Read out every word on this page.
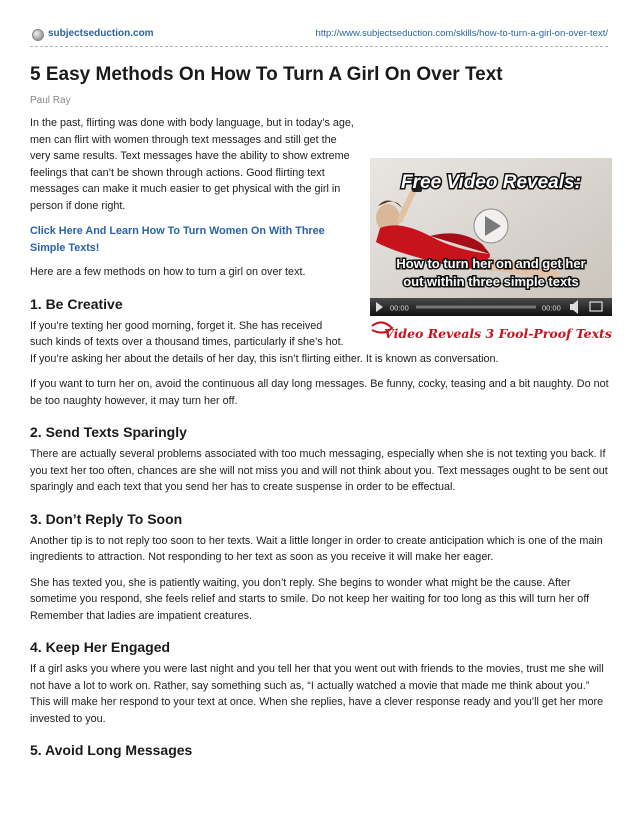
subjectseduction.com	http://www.subjectseduction.com/skills/how-to-turn-a-girl-on-over-text/
Free Video Reveals:
How to turn her on and get her
out within three simple texts
00:00	00:00
Video Reveals 3 Fool-Proof Texts
5 Easy Methods On How To Turn A Girl On Over Text
Paul Ray

In the past, flirting was done with body language, but in today’s age, men can flirt with women through text messages and still get the very same results. Text messages have the ability to show extreme feelings that can’t be shown through actions. Good flirting text messages can make it much easier to get physical with the girl in person if done right.

Click Here And Learn How To Turn Women On With Three Simple Texts!

Here are a few methods on how to turn a girl on over text.

1. Be Creative

If you’re texting her good morning, forget it. She has received
such kinds of texts over a thousand times, particularly if she’s hot.
If you’re asking her about the details of her day, this isn’t flirting either. It is known as conversation.

If you want to turn her on, avoid the continuous all day long messages. Be funny, cocky, teasing and a bit naughty. Do not be too naughty however, it may turn her off.

2. Send Texts Sparingly

There are actually several problems associated with too much messaging, especially when she is not texting you back. If you text her too often, chances are she will not miss you and will not think about you. Text messages ought to be sent out sparingly and each text that you send her has to create suspense in order to be effectual.

3. Don’t Reply To Soon

Another tip is to not reply too soon to her texts. Wait a little longer in order to create anticipation which is one of the main ingredients to attraction. Not responding to her text as soon as you receive it will make her eager.

She has texted you, she is patiently waiting, you don’t reply. She begins to wonder what might be the cause. After sometime you respond, she feels relief and starts to smile. Do not keep her waiting for too long as this will turn her off Remember that ladies are impatient creatures.

4. Keep Her Engaged

If a girl asks you where you were last night and you tell her that you went out with friends to the movies, trust me she will not have a lot to work on. Rather, say something such as, “I actually watched a movie that made me think about you.” This will make her respond to your text at once. When she replies, have a clever response ready and you’ll get her more invested to you.

5. Avoid Long Messages
